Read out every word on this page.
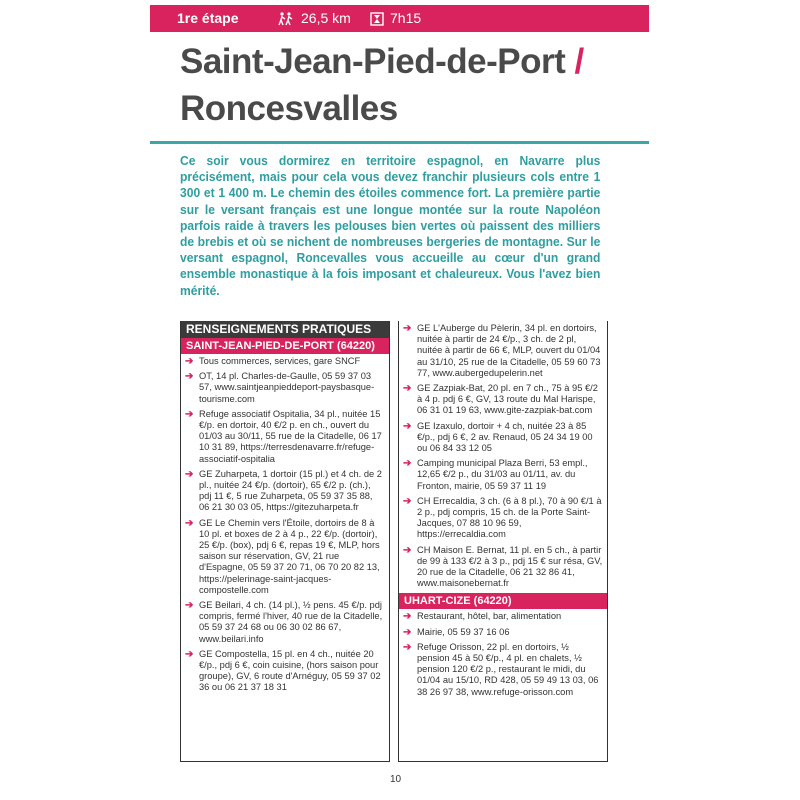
1re étape	26,5 km	7h15
Saint-Jean-Pied-de-Port /
Roncesvalles
Ce soir vous dormirez en territoire espagnol, en Navarre plus précisément, mais pour cela vous devez franchir plusieurs cols entre 1 300 et 1 400 m. Le chemin des étoiles commence fort. La première partie sur le versant français est une longue montée sur la route Napoléon parfois raide à travers les pelouses bien vertes où paissent des milliers de brebis et où se nichent de nombreuses bergeries de montagne. Sur le versant espagnol, Roncevalles vous accueille au cœur d'un grand ensemble monastique à la fois imposant et chaleureux. Vous l'avez bien mérité.
RENSEIGNEMENTS PRATIQUES
SAINT-JEAN-PIED-DE-PORT (64220)
➔ Tous commerces, services, gare SNCF
➔ OT, 14 pl. Charles-de-Gaulle, 05 59 37 03 57, www.saintjeanpieddeport-paysbasque-tourisme.com
➔ Refuge associatif Ospitalia, 34 pl., nuitée 15 €/p. en dortoir, 40 €/2 p. en ch., ouvert du 01/03 au 30/11, 55 rue de la Citadelle, 06 17 10 31 89, https://terresdenavarre.fr/refuge-associatif-ospitalia
➔ GE Zuharpeta, 1 dortoir (15 pl.) et 4 ch. de 2 pl., nuitée 24 €/p. (dortoir), 65 €/2 p. (ch.), pdj 11 €, 5 rue Zuharpeta, 05 59 37 35 88, 06 21 30 03 05, https://gitezuharpeta.fr
➔ GE Le Chemin vers l'Étoile, dortoirs de 8 à 10 pl. et boxes de 2 à 4 p., 22 €/p. (dortoir), 25 €/p. (box), pdj 6 €, repas 19 €, MLP, hors saison sur réservation, GV, 21 rue d'Espagne, 05 59 37 20 71, 06 70 20 82 13, https://pelerinage-saint-jacques-compostelle.com
➔ GE Beilari, 4 ch. (14 pl.), ½ pens. 45 €/p. pdj compris, fermé l'hiver, 40 rue de la Citadelle, 05 59 37 24 68 ou 06 30 02 86 67, www.beilari.info
➔ GE Compostella, 15 pl. en 4 ch., nuitée 20 €/p., pdj 6 €, coin cuisine, (hors saison pour groupe), GV, 6 route d'Arnéguy, 05 59 37 02 36 ou 06 21 37 18 31
➔ GE L'Auberge du Pèlerin, 34 pl. en dortoirs, nuitée à partir de 24 €/p., 3 ch. de 2 pl, nuitée à partir de 66 €, MLP, ouvert du 01/04 au 31/10, 25 rue de la Citadelle, 05 59 60 73 77, www.aubergedupelerin.net
➔ GE Zazpiak-Bat, 20 pl. en 7 ch., 75 à 95 €/2 à 4 p. pdj 6 €, GV, 13 route du Mal Harispe, 06 31 01 19 63, www.gite-zazpiak-bat.com
➔ GE Izaxulo, dortoir + 4 ch, nuitée 23 à 85 €/p., pdj 6 €, 2 av. Renaud, 05 24 34 19 00 ou 06 84 33 12 05
➔ Camping municipal Plaza Berri, 53 empl., 12,65 €/2 p., du 31/03 au 01/11, av. du Fronton, mairie, 05 59 37 11 19
➔ CH Errecaldia, 3 ch. (6 à 8 pl.), 70 à 90 €/1 à 2 p., pdj compris, 15 ch. de la Porte Saint-Jacques, 07 88 10 96 59, https://errecaldia.com
➔ CH Maison E. Bernat, 11 pl. en 5 ch., à partir de 99 à 133 €/2 à 3 p., pdj 15 € sur résa, GV, 20 rue de la Citadelle, 06 21 32 86 41, www.maisonebernat.fr
UHART-CIZE (64220)
➔ Restaurant, hôtel, bar, alimentation
➔ Mairie, 05 59 37 16 06
➔ Refuge Orisson, 22 pl. en dortoirs, ½ pension 45 à 50 €/p., 4 pl. en chalets, ½ pension 120 €/2 p., restaurant le midi, du 01/04 au 15/10, RD 428, 05 59 49 13 03, 06 38 26 97 38, www.refuge-orisson.com
10
